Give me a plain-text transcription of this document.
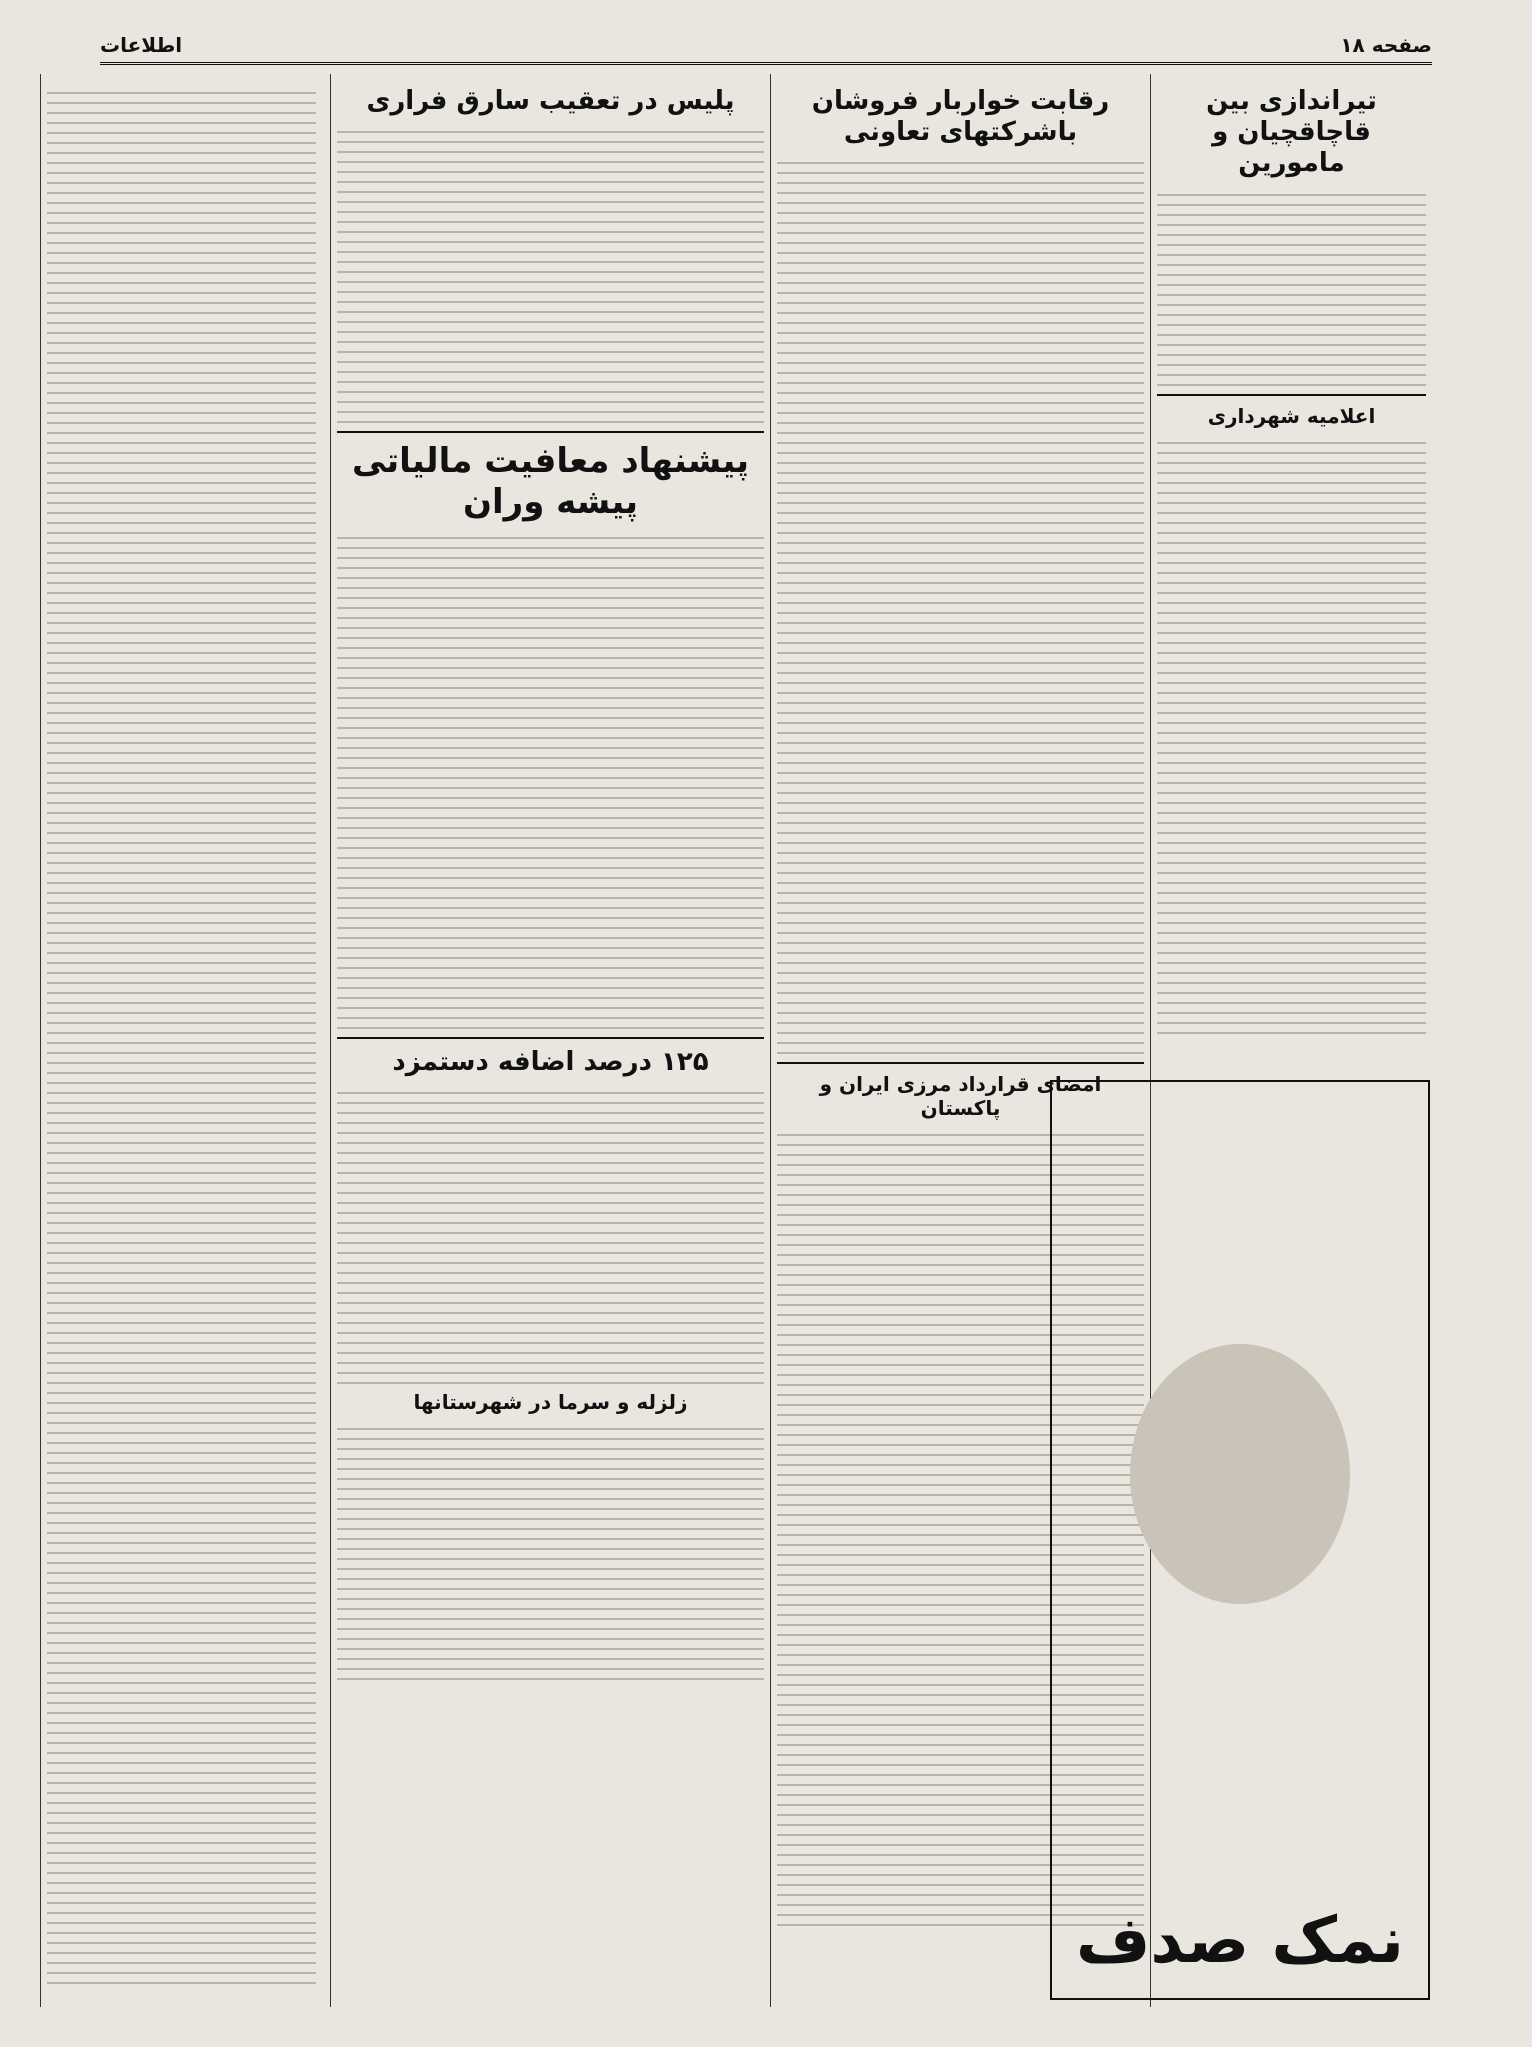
صفحه ۱۸
اطلاعات
تیراندازی بین قاچاقچیان و مامورین
اعلامیه شهرداری
رقابت خواربار فروشان باشرکتهای تعاونی
امضای قرارداد مرزی ایران و پاکستان
پلیس در تعقیب سارق فراری
پیشنهاد معافیت مالیاتی پیشه وران
۱۲۵ درصد اضافه دستمزد
زلزله و سرما در شهرستانها
نمک صدف
